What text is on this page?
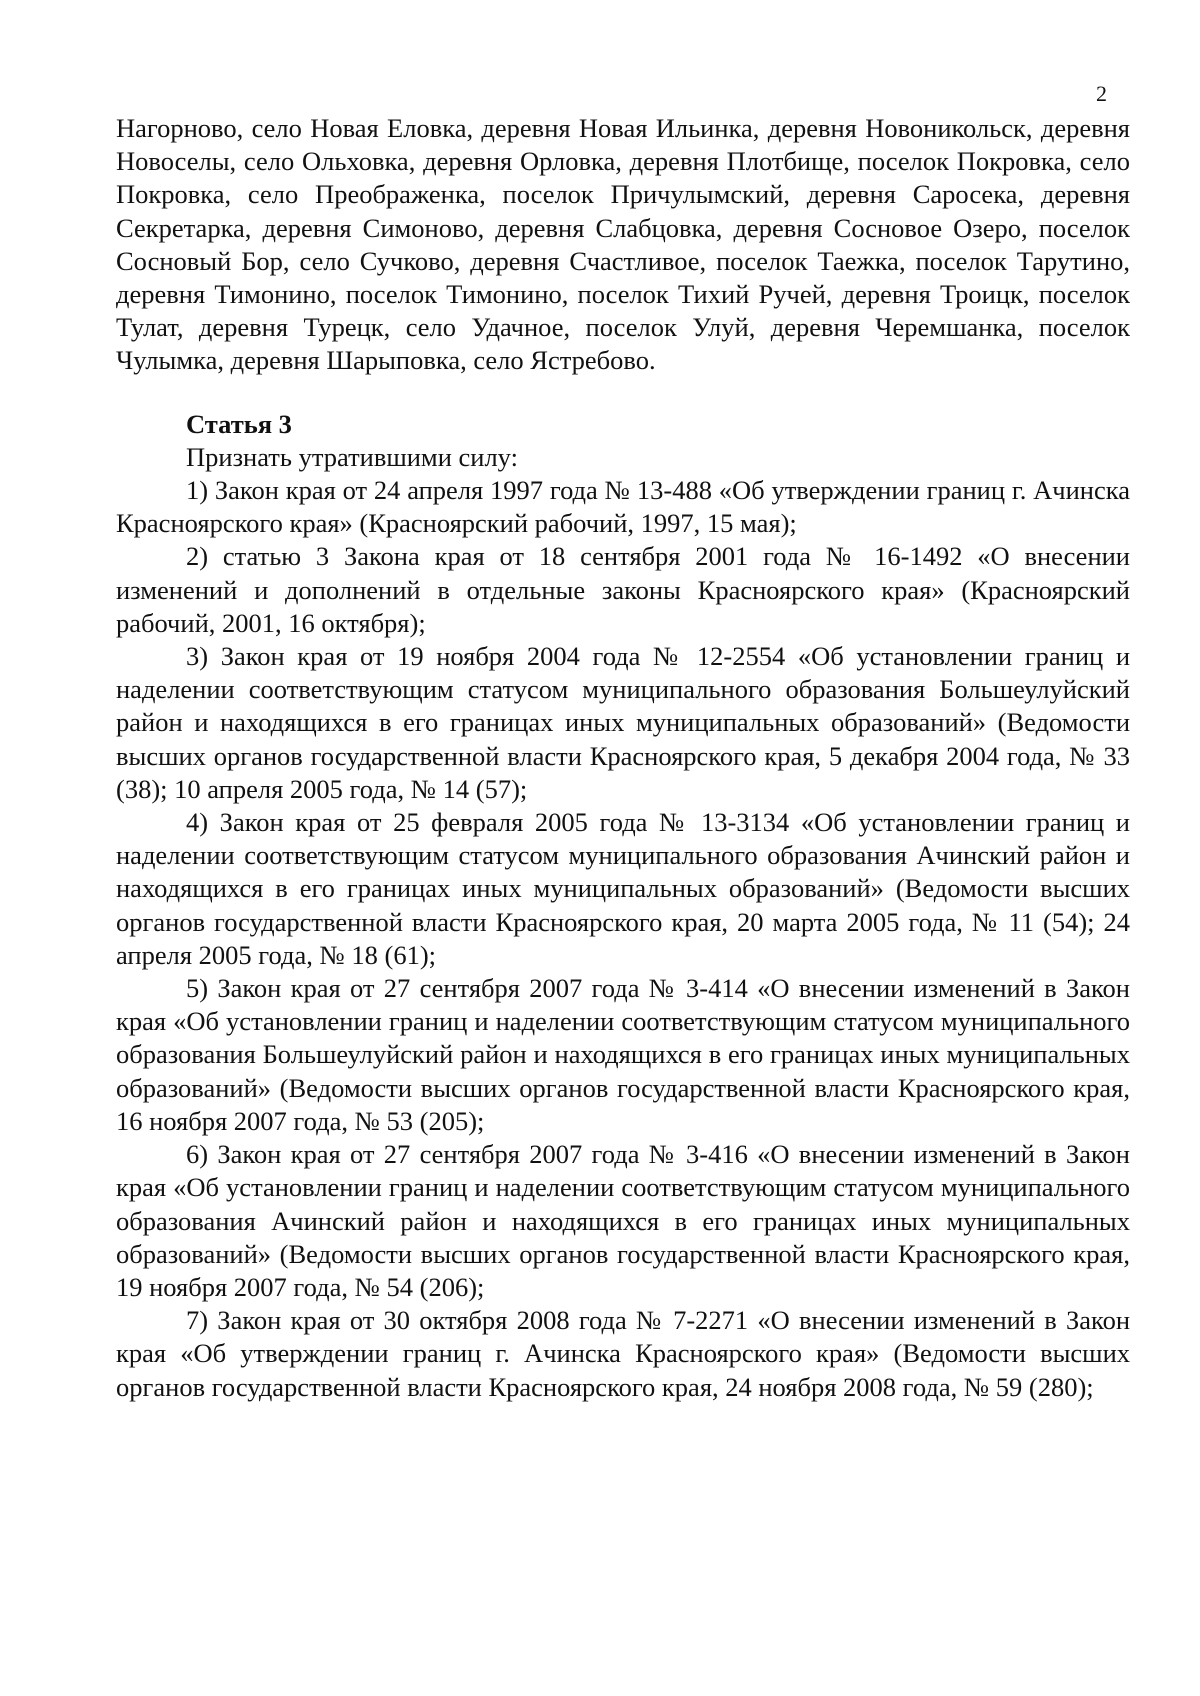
2

Нагорново, село Новая Еловка, деревня Новая Ильинка, деревня Новоникольск, деревня Новоселы, село Ольховка, деревня Орловка, деревня Плотбище, поселок Покровка, село Покровка, село Преображенка, поселок Причулымский, деревня Саросека, деревня Секретарка, деревня Симоново, деревня Слабцовка, деревня Сосновое Озеро, поселок Сосновый Бор, село Сучково, деревня Счастливое, поселок Таежка, поселок Тарутино, деревня Тимонино, поселок Тимонино, поселок Тихий Ручей, деревня Троицк, поселок Тулат, деревня Турецк, село Удачное, поселок Улуй, деревня Черемшанка, поселок Чулымка, деревня Шарыповка, село Ястребово.

Статья 3

Признать утратившими силу:

1) Закон края от 24 апреля 1997 года № 13-488 «Об утверждении границ г. Ачинска Красноярского края» (Красноярский рабочий, 1997, 15 мая);

2) статью 3 Закона края от 18 сентября 2001 года № 16-1492 «О внесении изменений и дополнений в отдельные законы Красноярского края» (Красноярский рабочий, 2001, 16 октября);

3) Закон края от 19 ноября 2004 года № 12-2554 «Об установлении границ и наделении соответствующим статусом муниципального образования Большеулуйский район и находящихся в его границах иных муниципальных образований» (Ведомости высших органов государственной власти Красноярского края, 5 декабря 2004 года, № 33 (38); 10 апреля 2005 года, № 14 (57);

4) Закон края от 25 февраля 2005 года № 13-3134 «Об установлении границ и наделении соответствующим статусом муниципального образования Ачинский район и находящихся в его границах иных муниципальных образований» (Ведомости высших органов государственной власти Красноярского края, 20 марта 2005 года, № 11 (54); 24 апреля 2005 года, № 18 (61);

5) Закон края от 27 сентября 2007 года № 3-414 «О внесении изменений в Закон края «Об установлении границ и наделении соответствующим статусом муниципального образования Большеулуйский район и находящихся в его границах иных муниципальных образований» (Ведомости высших органов государственной власти Красноярского края, 16 ноября 2007 года, № 53 (205);

6) Закон края от 27 сентября 2007 года № 3-416 «О внесении изменений в Закон края «Об установлении границ и наделении соответствующим статусом муниципального образования Ачинский район и находящихся в его границах иных муниципальных образований» (Ведомости высших органов государственной власти Красноярского края, 19 ноября 2007 года, № 54 (206);

7) Закон края от 30 октября 2008 года № 7-2271 «О внесении изменений в Закон края «Об утверждении границ г. Ачинска Красноярского края» (Ведомости высших органов государственной власти Красноярского края, 24 ноября 2008 года, № 59 (280);
